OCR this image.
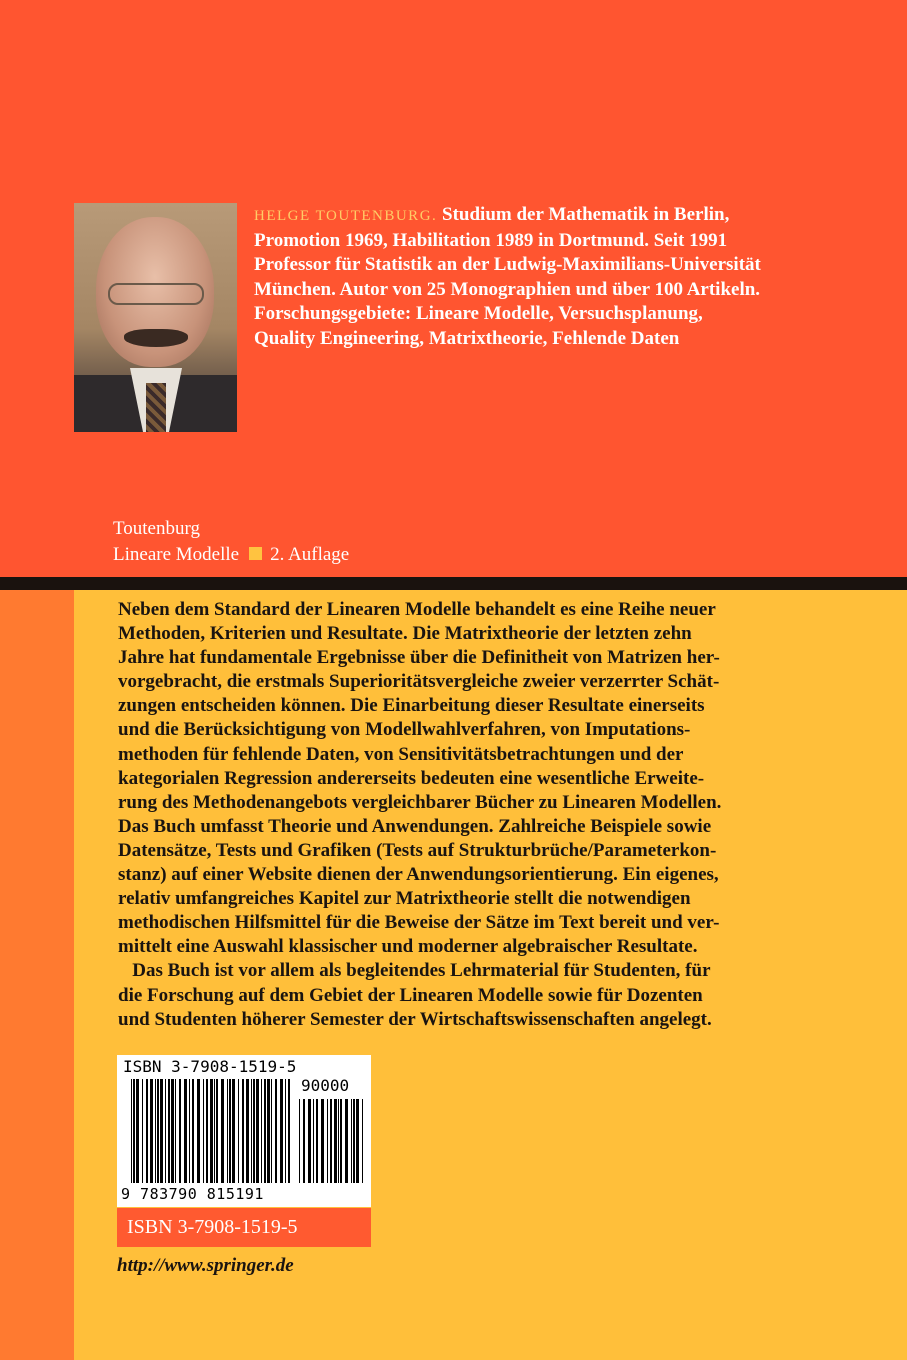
HELGE TOUTENBURG. Studium der Mathematik in Berlin,
Promotion 1969, Habilitation 1989 in Dortmund. Seit 1991
Professor für Statistik an der Ludwig-Maximilians-Universität
München. Autor von 25 Monographien und über 100 Artikeln.
Forschungsgebiete: Lineare Modelle, Versuchsplanung,
Quality Engineering, Matrixtheorie, Fehlende Daten
Toutenburg
Lineare Modelle 2. Auflage
Neben dem Standard der Linearen Modelle behandelt es eine Reihe neuer
Methoden, Kriterien und Resultate. Die Matrixtheorie der letzten zehn
Jahre hat fundamentale Ergebnisse über die Definitheit von Matrizen her-
vorgebracht, die erstmals Superioritätsvergleiche zweier verzerrter Schät-
zungen entscheiden können. Die Einarbeitung dieser Resultate einerseits
und die Berücksichtigung von Modellwahlverfahren, von Imputations-
methoden für fehlende Daten, von Sensitivitätsbetrachtungen und der
kategorialen Regression andererseits bedeuten eine wesentliche Erweite-
rung des Methodenangebots vergleichbarer Bücher zu Linearen Modellen.
Das Buch umfasst Theorie und Anwendungen. Zahlreiche Beispiele sowie
Datensätze, Tests und Grafiken (Tests auf Strukturbrüche/Parameterkon-
stanz) auf einer Website dienen der Anwendungsorientierung. Ein eigenes,
relativ umfangreiches Kapitel zur Matrixtheorie stellt die notwendigen
methodischen Hilfsmittel für die Beweise der Sätze im Text bereit und ver-
mittelt eine Auswahl klassischer und moderner algebraischer Resultate.
Das Buch ist vor allem als begleitendes Lehrmaterial für Studenten, für
die Forschung auf dem Gebiet der Linearen Modelle sowie für Dozenten
und Studenten höherer Semester der Wirtschaftswissenschaften angelegt.
ISBN 3-7908-1519-5
90000
9 783790 815191
ISBN 3-7908-1519-5
http://www.springer.de
